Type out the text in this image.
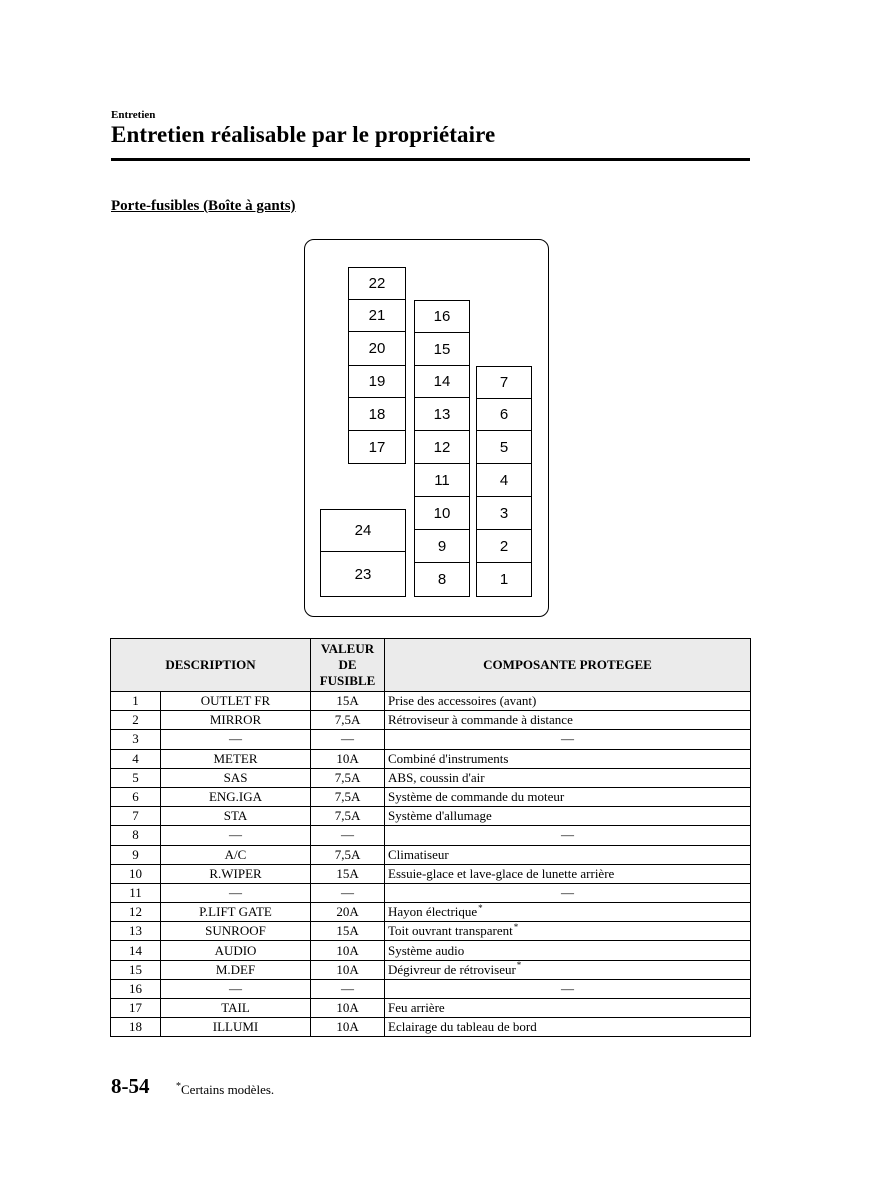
Entretien
Entretien réalisable par le propriétaire
Porte-fusibles (Boîte à gants)
22
21
20
19
18
17
16
15
14
13
12
11
10
9
8
7
6
5
4
3
2
1
24
23
DESCRIPTION		VALEUR
DE
FUSIBLE	COMPOSANTE PROTEGEE
1	OUTLET FR	15A	Prise des accessoires (avant)
2	MIRROR	7,5A	Rétroviseur à commande à distance
3	—	—	—
4	METER	10A	Combiné d'instruments
5	SAS	7,5A	ABS, coussin d'air
6	ENG.IGA	7,5A	Système de commande du moteur
7	STA	7,5A	Système d'allumage
8	—	—	—
9	A/C	7,5A	Climatiseur
10	R.WIPER	15A	Essuie-glace et lave-glace de lunette arrière
11	—	—	—
12	P.LIFT GATE	20A	Hayon électrique*
13	SUNROOF	15A	Toit ouvrant transparent*
14	AUDIO	10A	Système audio
15	M.DEF	10A	Dégivreur de rétroviseur*
16	—	—	—
17	TAIL	10A	Feu arrière
18	ILLUMI	10A	Eclairage du tableau de bord
8-54	*Certains modèles.
